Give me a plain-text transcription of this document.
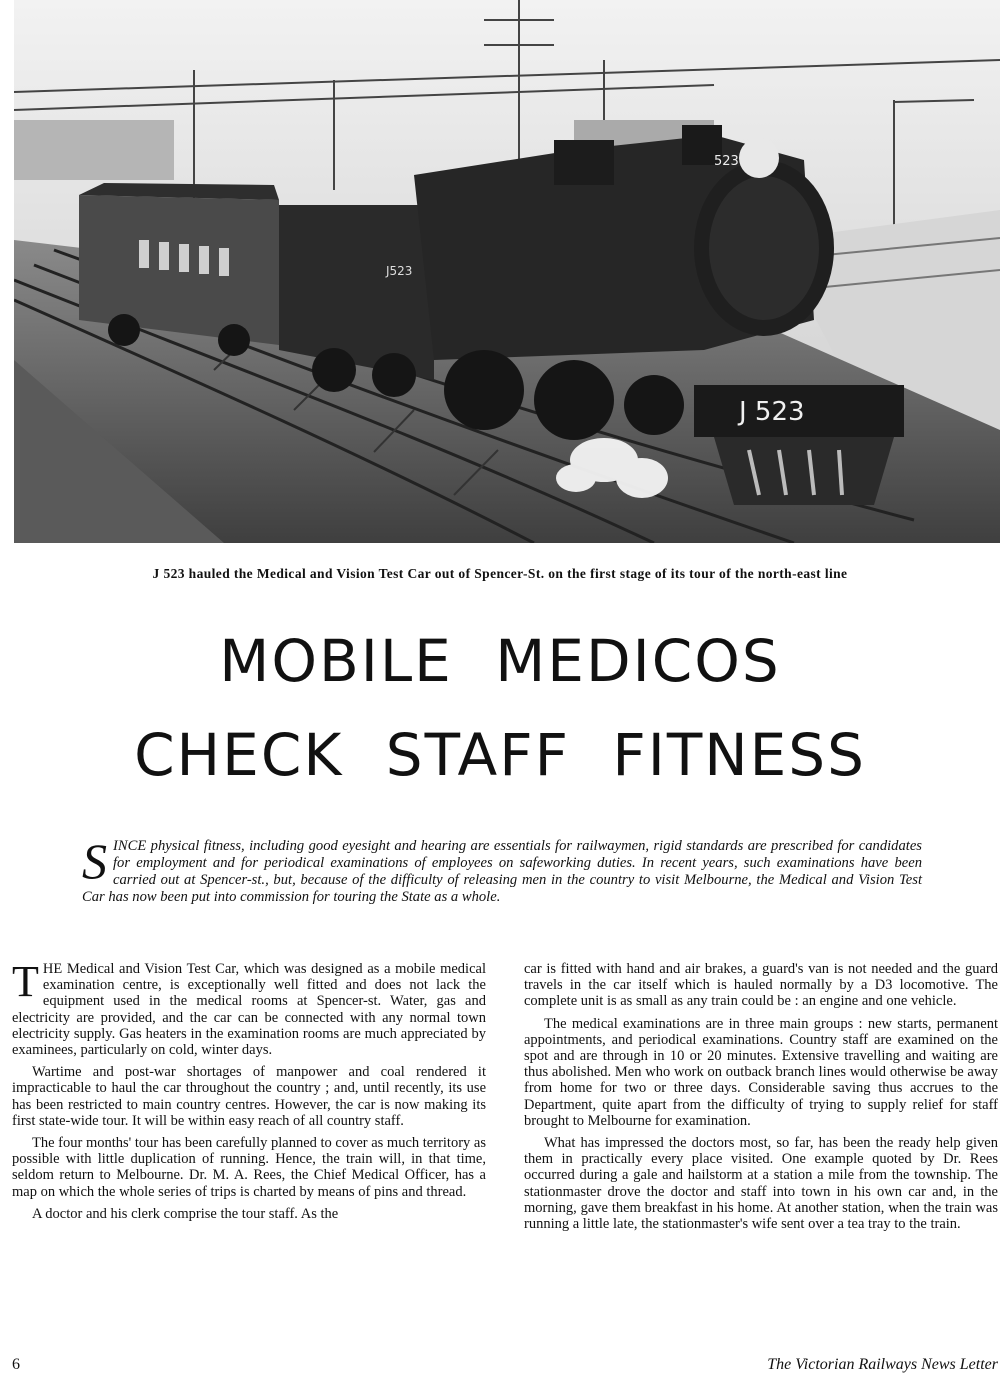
J523
523
J 523
J 523 hauled the Medical and Vision Test Car out of Spencer-St. on the first stage of its tour of the north-east line
MOBILE MEDICOS
CHECK STAFF FITNESS
SINCE physical fitness, including good eyesight and hearing are essentials for railwaymen, rigid standards are prescribed for candidates for employment and for periodical examinations of employees on safeworking duties. In recent years, such examinations have been carried out at Spencer-st., but, because of the difficulty of releasing men in the country to visit Melbourne, the Medical and Vision Test Car has now been put into commission for touring the State as a whole.

THE Medical and Vision Test Car, which was designed as a mobile medical examination centre, is exceptionally well fitted and does not lack the equipment used in the medical rooms at Spencer-st. Water, gas and electricity are provided, and the car can be connected with any normal town electricity supply. Gas heaters in the examination rooms are much appreciated by examinees, particularly on cold, winter days.

Wartime and post-war shortages of manpower and coal rendered it impracticable to haul the car throughout the country ; and, until recently, its use has been restricted to main country centres. However, the car is now making its first state-wide tour. It will be within easy reach of all country staff.

The four months' tour has been carefully planned to cover as much territory as possible with little duplication of running. Hence, the train will, in that time, seldom return to Melbourne. Dr. M. A. Rees, the Chief Medical Officer, has a map on which the whole series of trips is charted by means of pins and thread.

A doctor and his clerk comprise the tour staff. As the

car is fitted with hand and air brakes, a guard's van is not needed and the guard travels in the car itself which is hauled normally by a D3 locomotive. The complete unit is as small as any train could be : an engine and one vehicle.

The medical examinations are in three main groups : new starts, permanent appointments, and periodical examinations. Country staff are examined on the spot and are through in 10 or 20 minutes. Extensive travelling and waiting are thus abolished. Men who work on outback branch lines would otherwise be away from home for two or three days. Considerable saving thus accrues to the Department, quite apart from the difficulty of trying to supply relief for staff brought to Melbourne for examination.

What has impressed the doctors most, so far, has been the ready help given them in practically every place visited. One example quoted by Dr. Rees occurred during a gale and hailstorm at a station a mile from the township. The stationmaster drove the doctor and staff into town in his own car and, in the morning, gave them breakfast in his home. At another station, when the train was running a little late, the stationmaster's wife sent over a tea tray to the train.

6	The Victorian Railways News Letter
